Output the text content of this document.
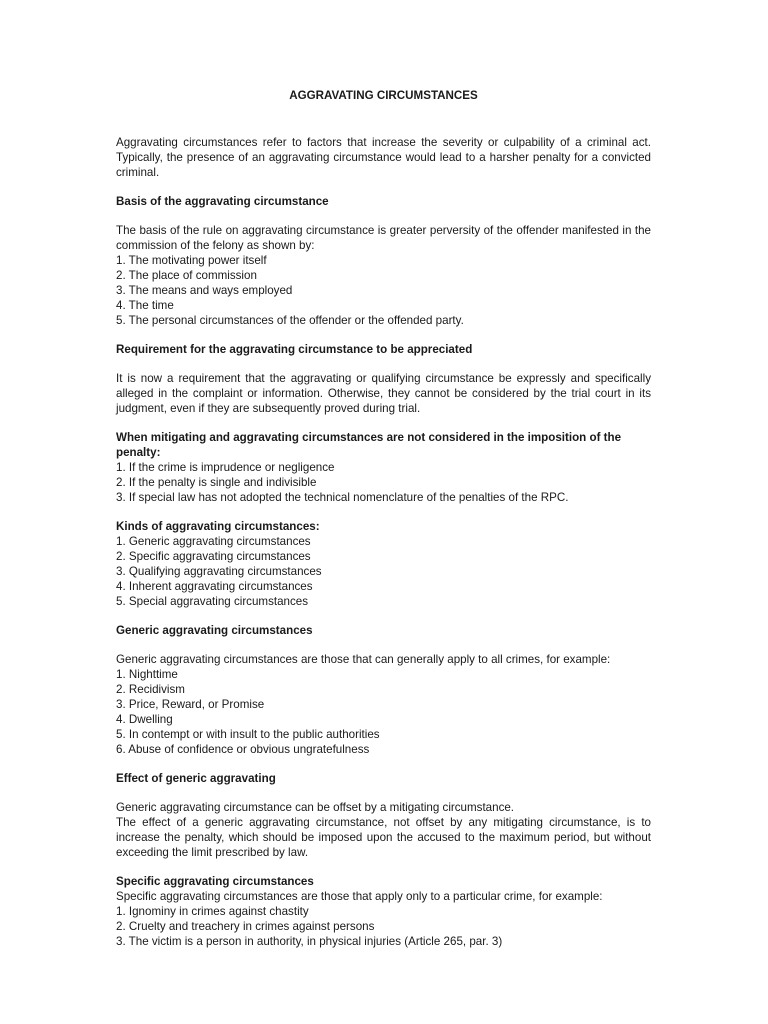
AGGRAVATING CIRCUMSTANCES

Aggravating circumstances refer to factors that increase the severity or culpability of a criminal act. Typically, the presence of an aggravating circumstance would lead to a harsher penalty for a convicted criminal.

Basis of the aggravating circumstance

The basis of the rule on aggravating circumstance is greater perversity of the offender manifested in the commission of the felony as shown by:

1. The motivating power itself
2. The place of commission
3. The means and ways employed
4. The time
5. The personal circumstances of the offender or the offended party.
Requirement for the aggravating circumstance to be appreciated

It is now a requirement that the aggravating or qualifying circumstance be expressly and specifically alleged in the complaint or information. Otherwise, they cannot be considered by the trial court in its judgment, even if they are subsequently proved during trial.

When mitigating and aggravating circumstances are not considered in the imposition of the penalty:
1. If the crime is imprudence or negligence
2. If the penalty is single and indivisible
3. If special law has not adopted the technical nomenclature of the penalties of the RPC.
Kinds of aggravating circumstances:
1. Generic aggravating circumstances
2. Specific aggravating circumstances
3. Qualifying aggravating circumstances
4. Inherent aggravating circumstances
5. Special aggravating circumstances
Generic aggravating circumstances

Generic aggravating circumstances are those that can generally apply to all crimes, for example:

1. Nighttime
2. Recidivism
3. Price, Reward, or Promise
4. Dwelling
5. In contempt or with insult to the public authorities
6. Abuse of confidence or obvious ungratefulness
Effect of generic aggravating

Generic aggravating circumstance can be offset by a mitigating circumstance.

The effect of a generic aggravating circumstance, not offset by any mitigating circumstance, is to increase the penalty, which should be imposed upon the accused to the maximum period, but without exceeding the limit prescribed by law.

Specific aggravating circumstances

Specific aggravating circumstances are those that apply only to a particular crime, for example:

1. Ignominy in crimes against chastity
2. Cruelty and treachery in crimes against persons
3. The victim is a person in authority, in physical injuries (Article 265, par. 3)
